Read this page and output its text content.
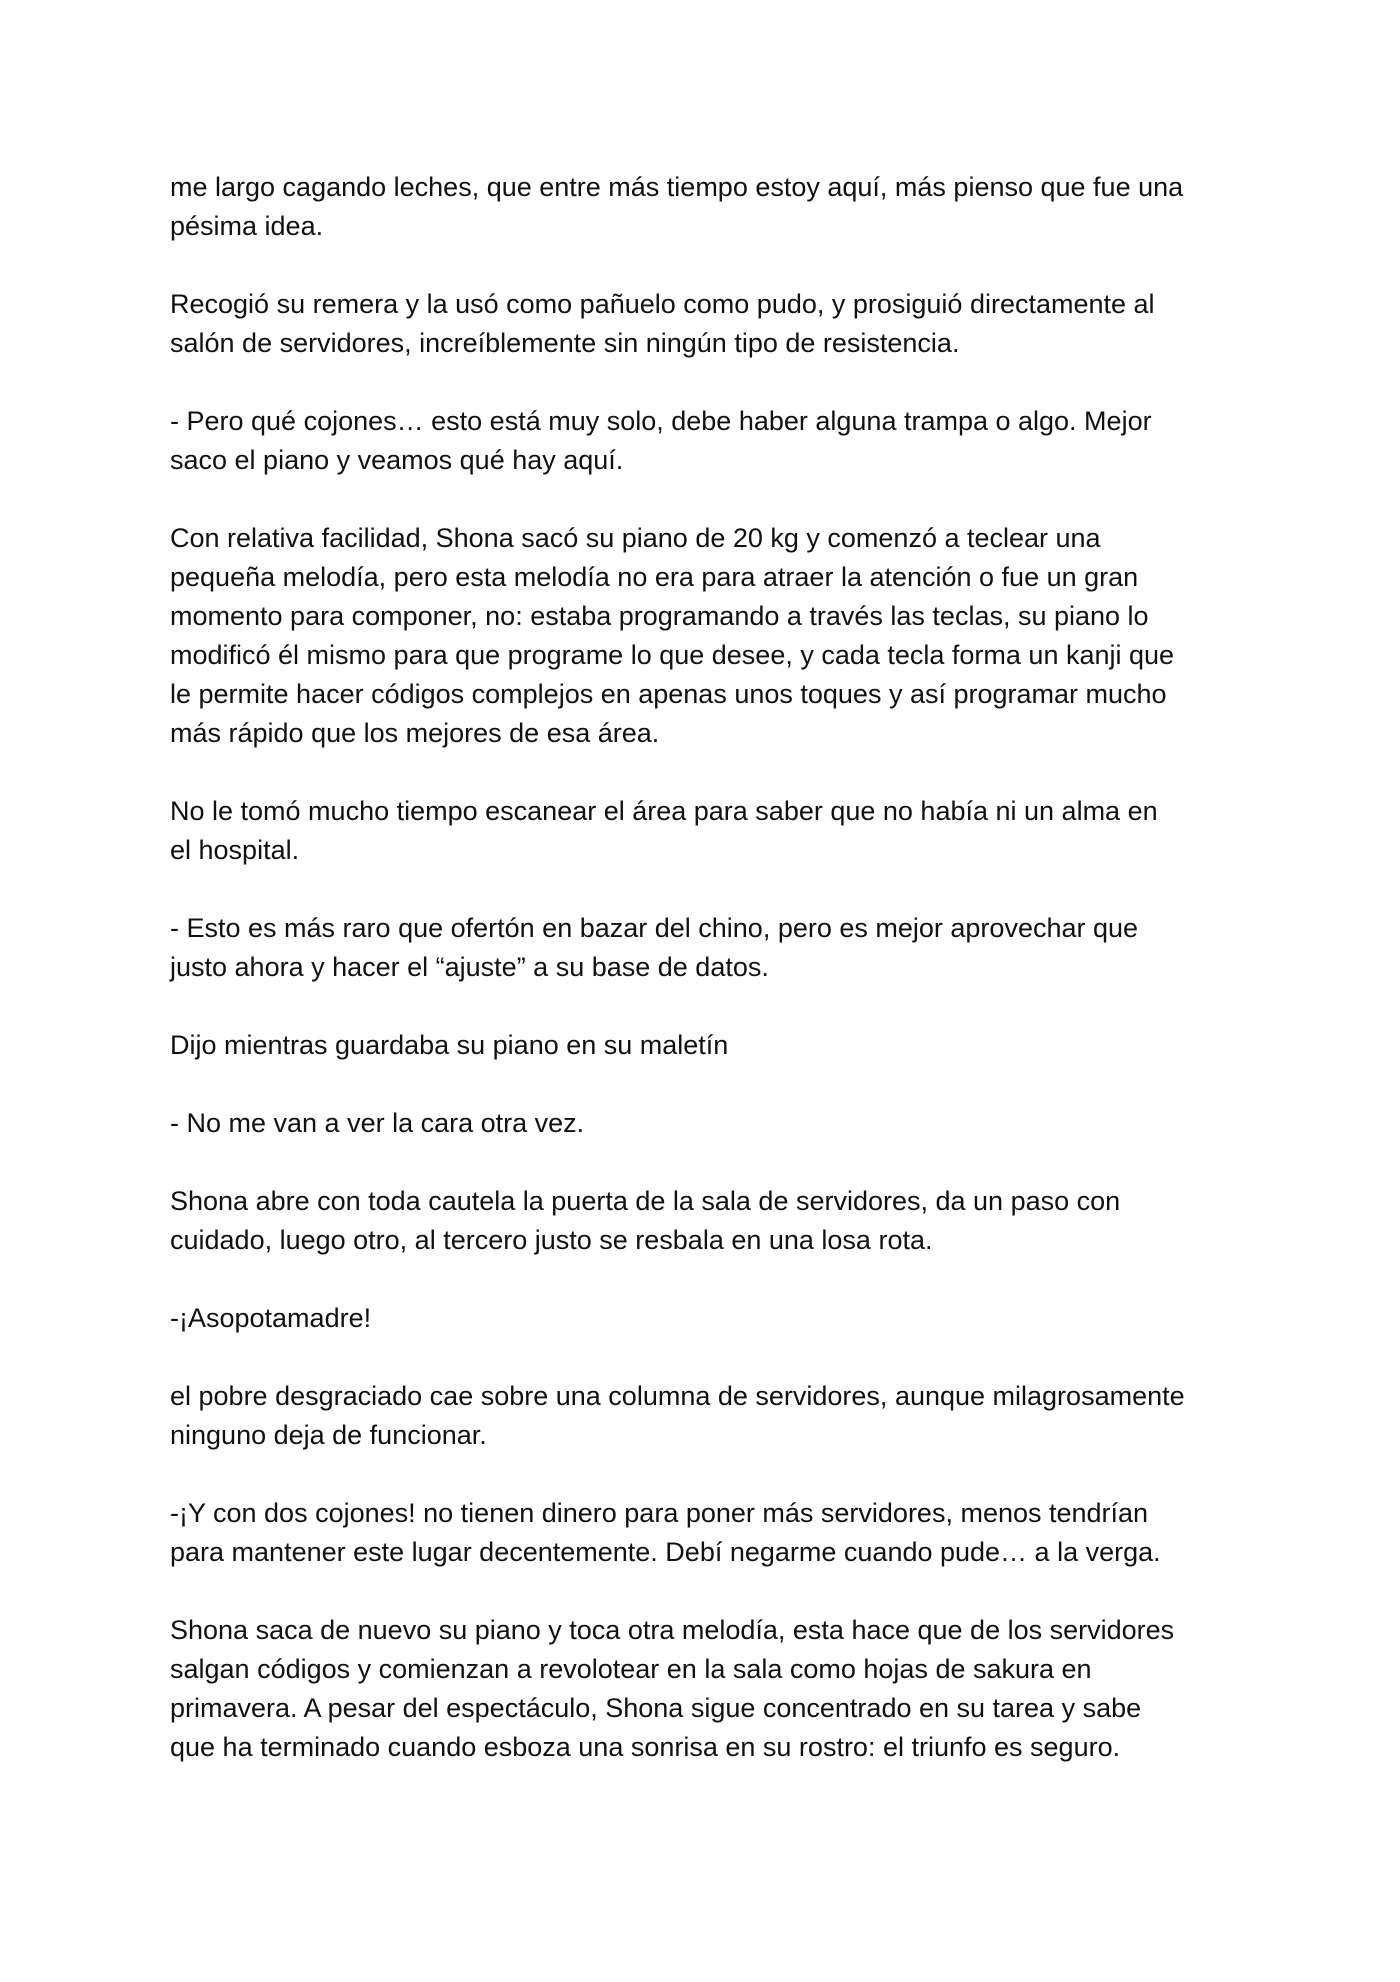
me largo cagando leches, que entre más tiempo estoy aquí, más pienso que fue una
pésima idea.
Recogió su remera y la usó como pañuelo como pudo, y prosiguió directamente al
salón de servidores, increíblemente sin ningún tipo de resistencia.
- Pero qué cojones… esto está muy solo, debe haber alguna trampa o algo. Mejor
saco el piano y veamos qué hay aquí.
Con relativa facilidad, Shona sacó su piano de 20 kg y comenzó a teclear una
pequeña melodía, pero esta melodía no era para atraer la atención o fue un gran
momento para componer, no: estaba programando a través las teclas, su piano lo
modificó él mismo para que programe lo que desee, y cada tecla forma un kanji que
le permite hacer códigos complejos en apenas unos toques y así programar mucho
más rápido que los mejores de esa área.
No le tomó mucho tiempo escanear el área para saber que no había ni un alma en
el hospital.
- Esto es más raro que ofertón en bazar del chino, pero es mejor aprovechar que
justo ahora y hacer el “ajuste” a su base de datos.
Dijo mientras guardaba su piano en su maletín
- No me van a ver la cara otra vez.
Shona abre con toda cautela la puerta de la sala de servidores, da un paso con
cuidado, luego otro, al tercero justo se resbala en una losa rota.
-¡Asopotamadre!
el pobre desgraciado cae sobre una columna de servidores, aunque milagrosamente
ninguno deja de funcionar.
-¡Y con dos cojones! no tienen dinero para poner más servidores, menos tendrían
para mantener este lugar decentemente. Debí negarme cuando pude… a la verga.
Shona saca de nuevo su piano y toca otra melodía, esta hace que de los servidores
salgan códigos y comienzan a revolotear en la sala como hojas de sakura en
primavera. A pesar del espectáculo, Shona sigue concentrado en su tarea y sabe
que ha terminado cuando esboza una sonrisa en su rostro: el triunfo es seguro.
